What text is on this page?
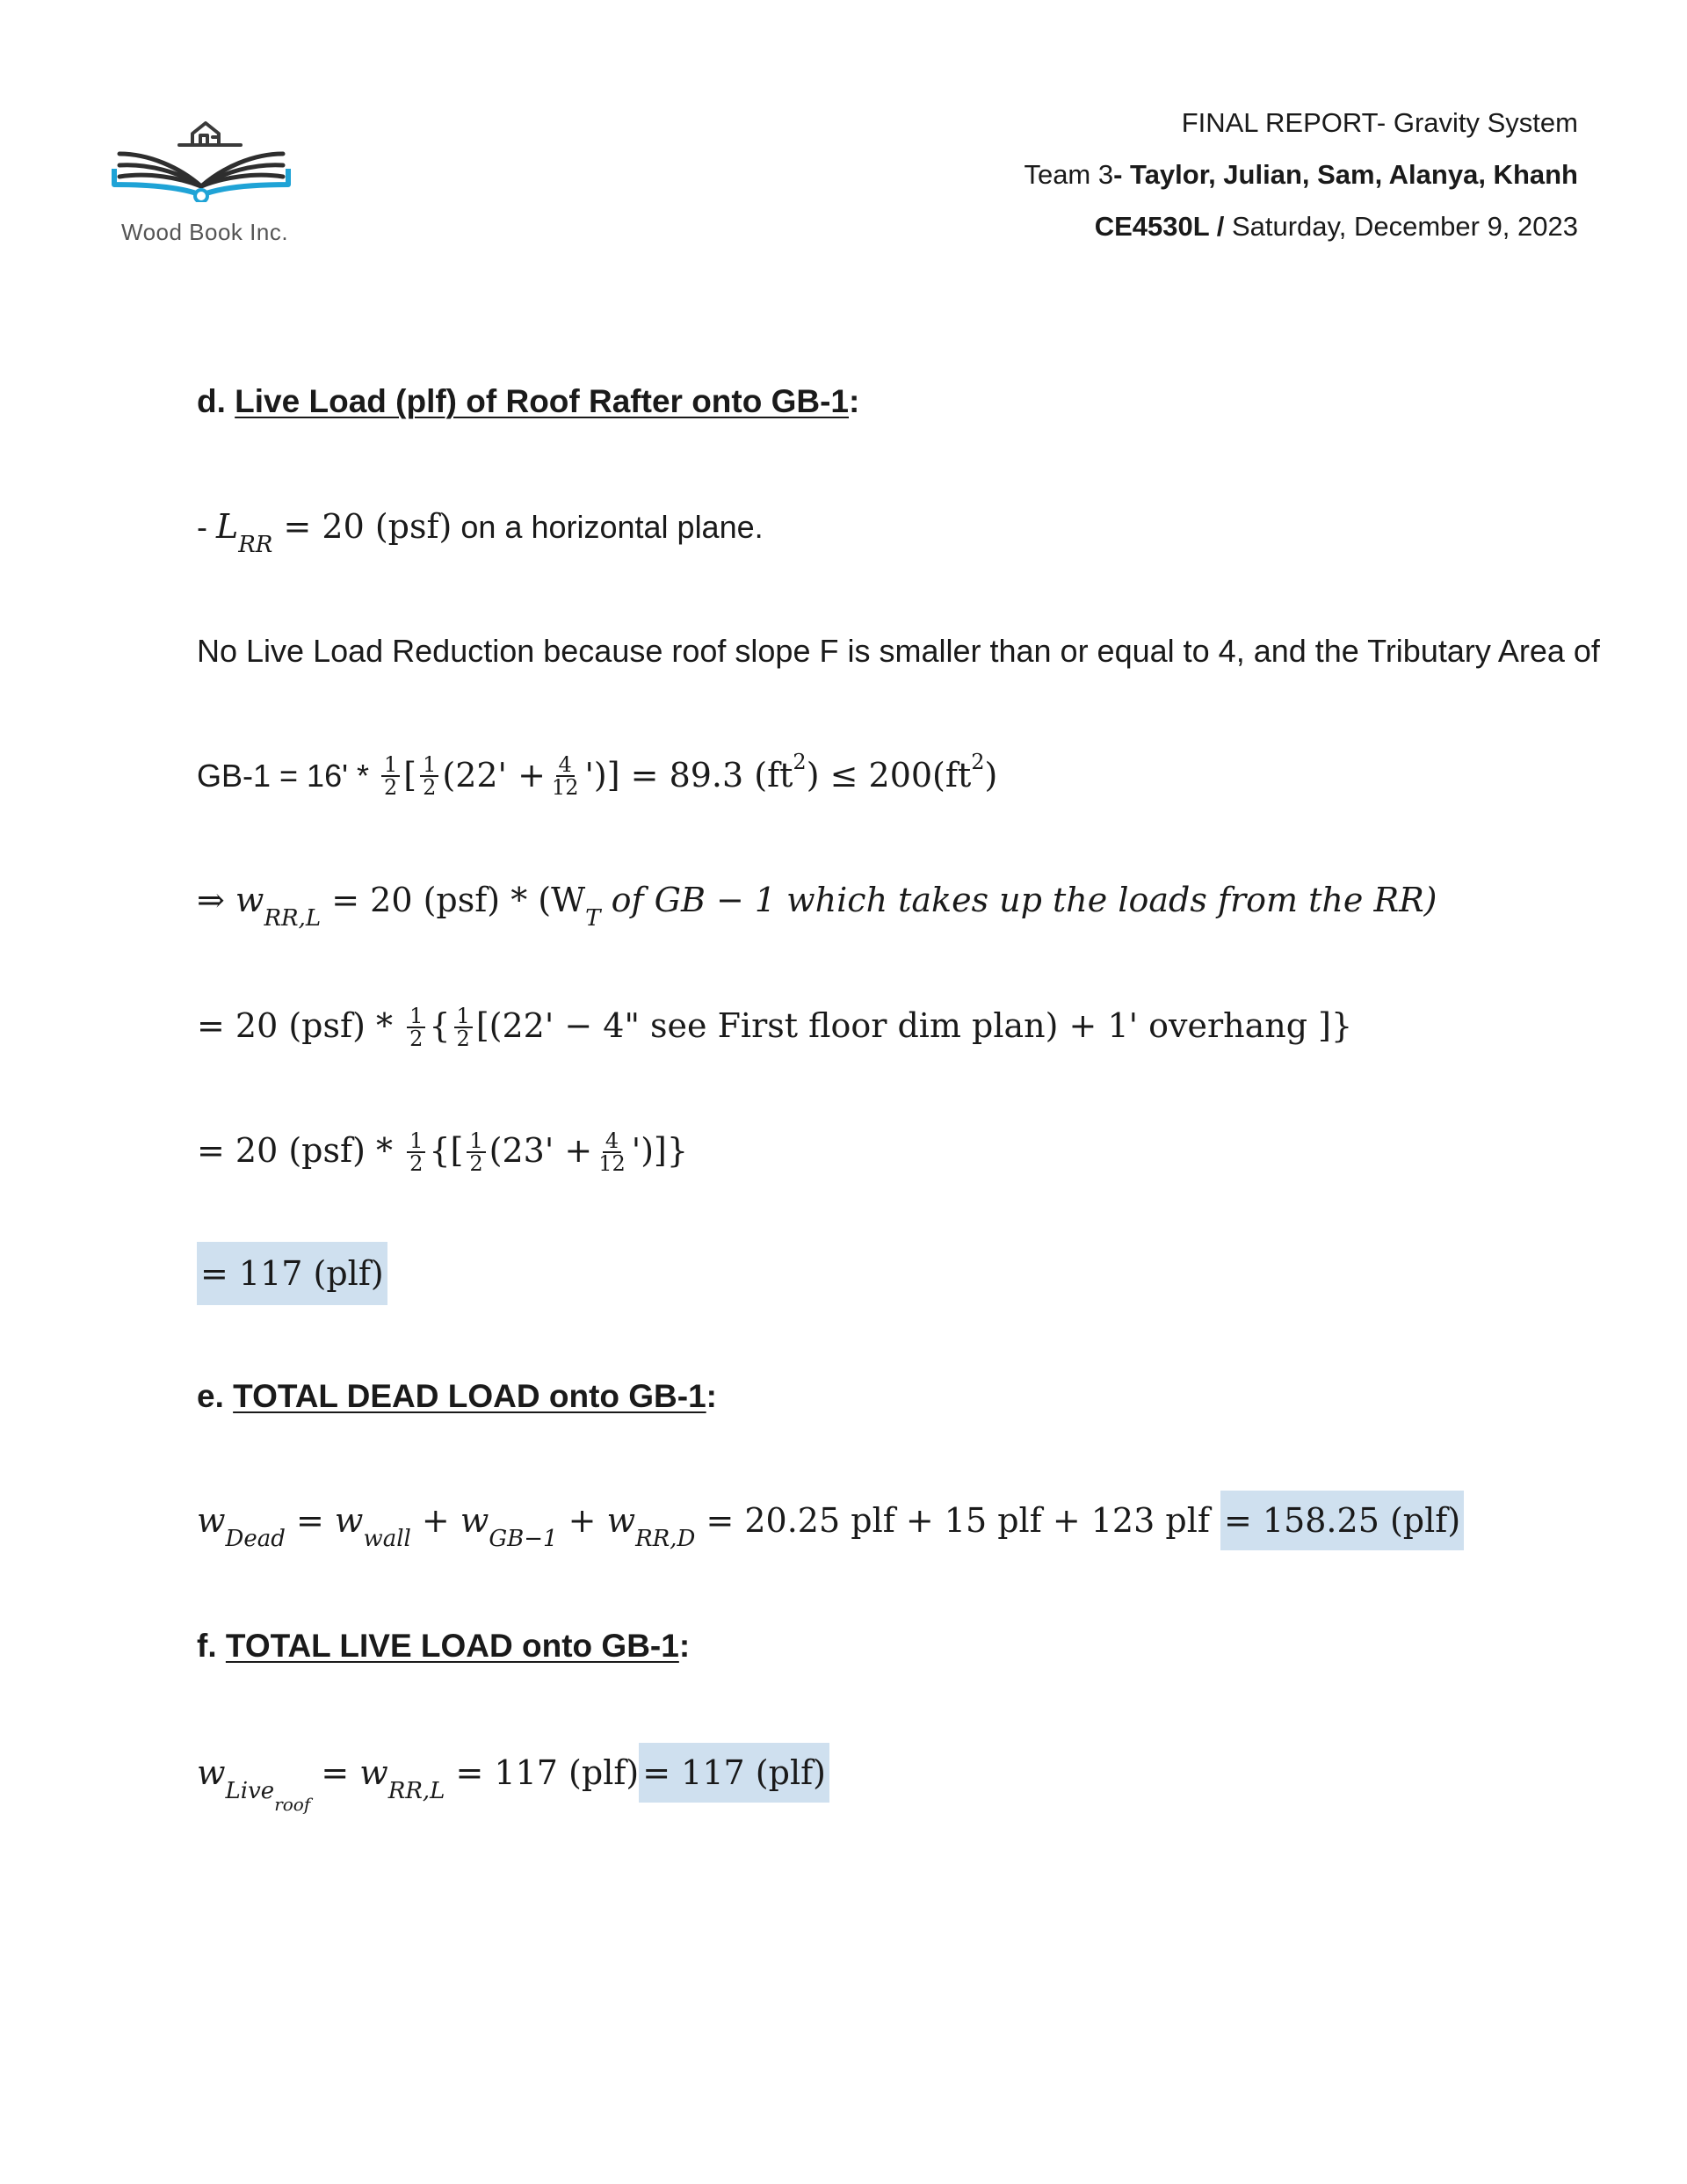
Wood Book Inc.
FINAL REPORT- Gravity System
Team 3- Taylor, Julian, Sam, Alanya, Khanh
CE4530L / Saturday, December 9, 2023
d. Live Load (plf) of Roof Rafter onto GB-1:
- $L_{RR} = 20$ (psf) on a horizontal plane.
No Live Load Reduction because roof slope F is smaller than or equal to 4, and the Tributary Area of
$GB-1 = 16' * \frac{1}{2}$ [ $\frac{1}{2} (22' + \frac{4}{12}$ ')] = 89.3 $(ft^2) \le 200(ft^2)$
⇒ $w_{RR,L} = 20$ $(psf) * (W_T$ of GB − 1 which takes up the loads from the RR)
= 20 $(psf) * \frac{1}{2}$ { $\frac{1}{2} [(22' - 4$" see First floor dim plan) + 1' overhang ]}
= 20 $(psf) * \frac{1}{2}$ {[ $\frac{1}{2} (23' + \frac{4}{12}$ ')]}
= 117 (plf)
e. TOTAL DEAD LOAD onto GB-1:
$w_{Dead} = w_{wall} + w_{GB-1} + w_{RR,D} = 20.25$ plf + 15 plf + 123 plf = 158.25 (plf)
f. TOTAL LIVE LOAD onto GB-1:
$w_{Liveroof} = w_{RR,L} = 117$ (plf) = 117 (plf)
